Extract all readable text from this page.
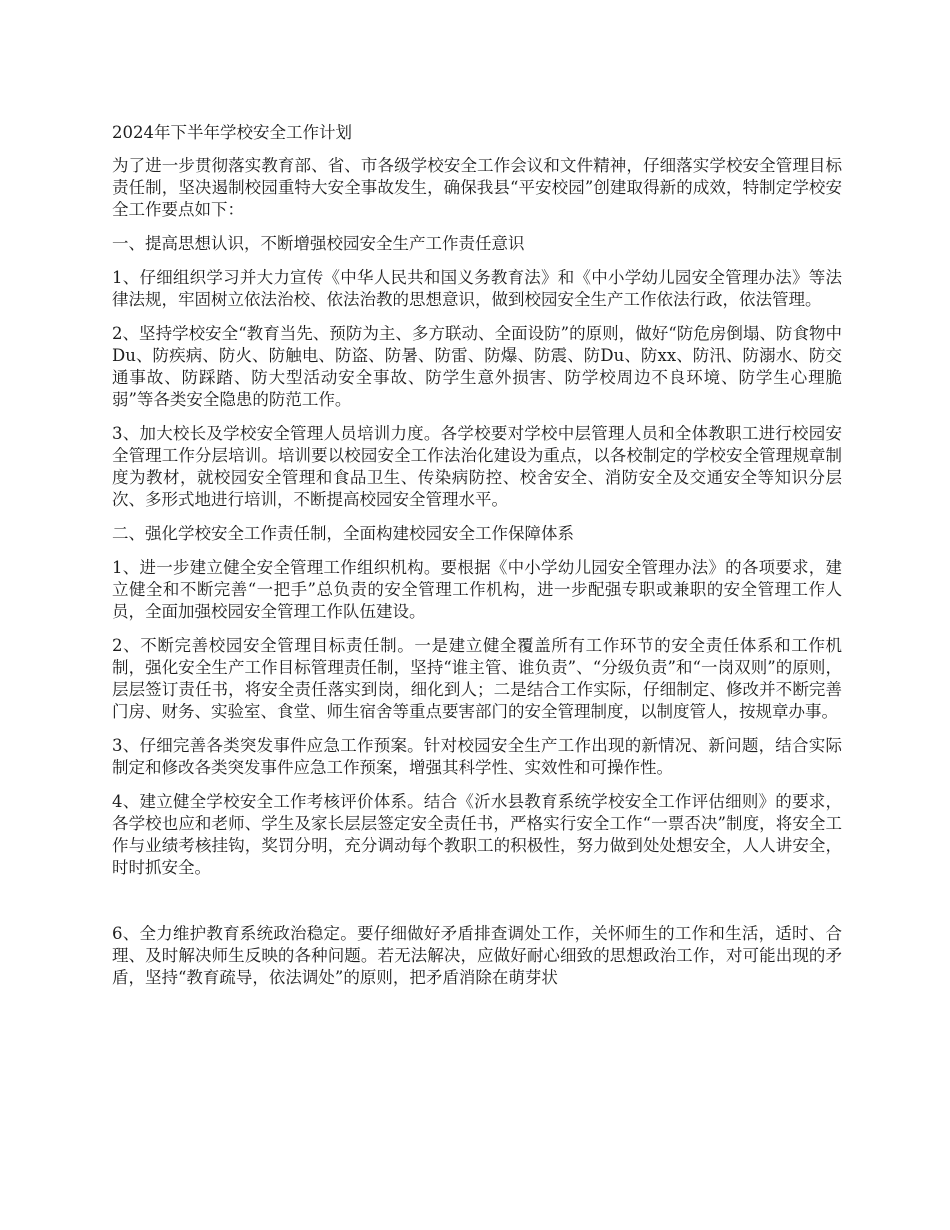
2024年下半年学校安全工作计划

为了进一步贯彻落实教育部、省、市各级学校安全工作会议和文件精神，仔细落实学校安全管理目标责任制，坚决遏制校园重特大安全事故发生，确保我县“平安校园”创建取得新的成效，特制定学校安全工作要点如下：

一、提高思想认识，不断增强校园安全生产工作责任意识

1、仔细组织学习并大力宣传《中华人民共和国义务教育法》和《中小学幼儿园安全管理办法》等法律法规，牢固树立依法治校、依法治教的思想意识，做到校园安全生产工作依法行政，依法管理。

2、坚持学校安全“教育当先、预防为主、多方联动、全面设防”的原则，做好“防危房倒塌、防食物中Du、防疾病、防火、防触电、防盗、防暑、防雷、防爆、防震、防Du、防xx、防汛、防溺水、防交通事故、防踩踏、防大型活动安全事故、防学生意外损害、防学校周边不良环境、防学生心理脆弱”等各类安全隐患的防范工作。

3、加大校长及学校安全管理人员培训力度。各学校要对学校中层管理人员和全体教职工进行校园安全管理工作分层培训。培训要以校园安全工作法治化建设为重点，以各校制定的学校安全管理规章制度为教材，就校园安全管理和食品卫生、传染病防控、校舍安全、消防安全及交通安全等知识分层次、多形式地进行培训，不断提高校园安全管理水平。

二、强化学校安全工作责任制，全面构建校园安全工作保障体系

1、进一步建立健全安全管理工作组织机构。要根据《中小学幼儿园安全管理办法》的各项要求，建立健全和不断完善“一把手”总负责的安全管理工作机构，进一步配强专职或兼职的安全管理工作人员，全面加强校园安全管理工作队伍建设。

2、不断完善校园安全管理目标责任制。一是建立健全覆盖所有工作环节的安全责任体系和工作机制，强化安全生产工作目标管理责任制，坚持“谁主管、谁负责”、“分级负责”和“一岗双则”的原则，层层签订责任书，将安全责任落实到岗，细化到人；二是结合工作实际，仔细制定、修改并不断完善门房、财务、实验室、食堂、师生宿舍等重点要害部门的安全管理制度，以制度管人，按规章办事。

3、仔细完善各类突发事件应急工作预案。针对校园安全生产工作出现的新情况、新问题，结合实际制定和修改各类突发事件应急工作预案，增强其科学性、实效性和可操作性。

4、建立健全学校安全工作考核评价体系。结合《沂水县教育系统学校安全工作评估细则》的要求，各学校也应和老师、学生及家长层层签定安全责任书，严格实行安全工作“一票否决”制度，将安全工作与业绩考核挂钩，奖罚分明，充分调动每个教职工的积极性，努力做到处处想安全，人人讲安全，时时抓安全。

6、全力维护教育系统政治稳定。要仔细做好矛盾排查调处工作，关怀师生的工作和生活，适时、合理、及时解决师生反映的各种问题。若无法解决，应做好耐心细致的思想政治工作，对可能出现的矛盾，坚持“教育疏导，依法调处”的原则，把矛盾消除在萌芽状
